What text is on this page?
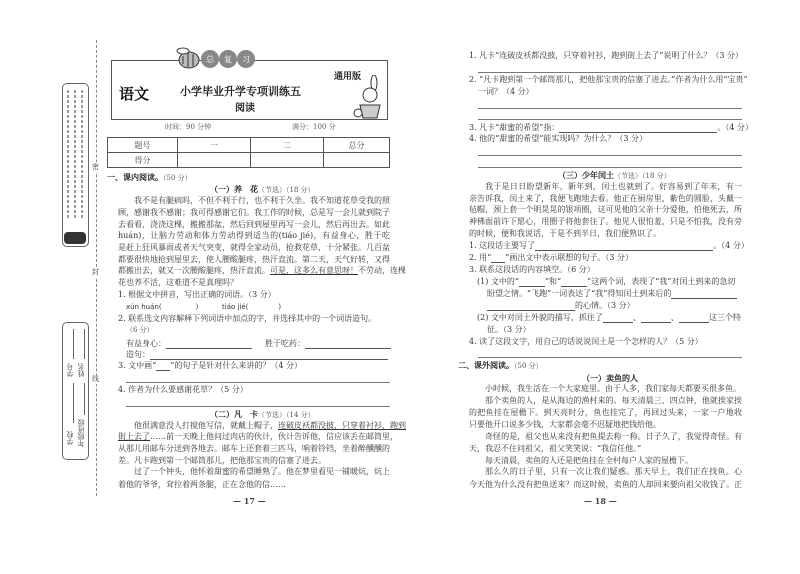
密
封
线
学号 姓名
学校 年级班级
语文	小学毕业升学专项训练五
阅读
通用版
总 复 习
时间：90 分钟	满分：100 分
题号	一	二	总分
得分			
一、课内阅读。（50 分）
（一）养　花（节选）（18 分）
我不是有腿病吗，不但不利于行，也不利于久坐。我不知道花草受我的照
顾，感谢我不感谢；我可得感谢它们。我工作的时候，总是写一会儿就到院子
去看看，浇浇这棵，搬搬那盆，然后回到屋里再写一会儿，然后再出去。如此
huán)，让脑力劳动和体力劳动得到适当的(tiáo jié)，有益身心，胜于吃
是赶上狂风暴雨或者天气突变，就得全家动员，抢救花草，十分紧张。几百盆
都要很快地抢到屋里去，使人腰酸腿疼，热汗直流。第二天，天气好转，又得
都搬出去，就又一次腰酸腿疼，热汗直流。可是，这多么有意思呀！不劳动，连棵
花也养不活，这难道不是真理吗？
1. 根据文中拼音，写出正确的词语。（3 分）
xún huán(	)	tiáo jié(	)
2. 联系选文内容解释下列词语中加点的字，并选择其中的一个词语造句。
（6 分）
有益身心：	胜于吃药：
造句：
3. 文中画“ ”的句子是针对什么来讲的？（4 分）
4. 作者为什么要感谢花草？（5 分）
（二）凡　卡（节选）（14 分）
他很满意没人打搅他写信，就戴上帽子，连破皮袄都没披，只穿着衬衫，跑到
街上去了……前一天晚上他问过肉店的伙计，伙计告诉他，信应该丢在邮筒里，
从那儿用邮车分送到各地去。邮车上还套着三匹马，响着铃铛，坐着醉醺醺的
差。凡卡跑到第一个邮筒那儿，把他那宝贵的信塞了进去。
过了一个钟头，他怀着甜蜜的希望睡熟了。他在梦里看见一铺暖炕，炕上
着他的爷爷，耷拉着两条腿，正在念他的信……
— 17 —
1. 凡卡“连破皮袄都没披，只穿着衬衫，跑到街上去了”说明了什么？（3 分）
2. “凡卡跑到第一个邮筒那儿，把他那宝贵的信塞了进去。”作者为什么用“宝贵”
一词？（4 分）
3. 凡卡“甜蜜的希望”指：	。（4 分）
4. 他的“甜蜜的希望”能实现吗？为什么？（3 分）
（三）少年闰土（节选）（18 分）
我于是日日盼望新年，新年到，闰土也就到了。好容易到了年末，有一
亲告诉我，闰土来了，我便飞跑地去看。他正在厨房里，紫色的圆脸，头戴一
毡帽，颈上套一个明晃晃的银项圈，这可见他的父亲十分爱他，怕他死去，所
神佛面前许下愿心，用圈子将他套住了。他见人很怕羞，只是不怕我，没有旁
的时候，便和我说话，于是不到半日，我们便熟识了。
1. 这段话主要写了	。（4 分）
2. 用“ ”画出文中表示联想的句子。（3 分）
3. 联系这段话的内容填空。（6 分）
(1) 文中的“	”和“	”这两个词，表现了“我”对闰土到来的急切
盼望之情。“飞跑”一词表达了“我”得知闰土到来后的
的心情。（3 分）
(2) 文中对闰土外貌的描写，抓住了	、	、	这三个特
征。（3 分）
4. 读了这段文字，用自己的话说说闰土是一个怎样的人？（5 分）
二、课外阅读。（50 分）
（一）卖鱼的人
小时候，我生活在一个大家庭里。由于人多，我们家每天都要买很多鱼。
那个卖鱼的人，是从海边的渔村来的。每天清晨三、四点钟，他就挨家挨
的把鱼挂在屋檐下。到天亮时分，鱼也挂完了，再回过头来，一家一户地收
只要他开口说多少钱，大家都会毫不迟疑地把钱给他。
奇怪的是，祖父也从来没有把鱼提去称一称。日子久了，我觉得奇怪。有
天，我忍不住问祖父，祖父笑笑说：“我信任他。”
每天清晨，卖鱼的人还是把鱼挂在全村每户人家的屋檐下。
那么久的日子里，只有一次让我们疑惑。那天早上，我们正在找鱼。心
今天他为什么没有把鱼送来？而这时候，卖鱼的人却回来要向祖父收钱了。正
— 18 —
